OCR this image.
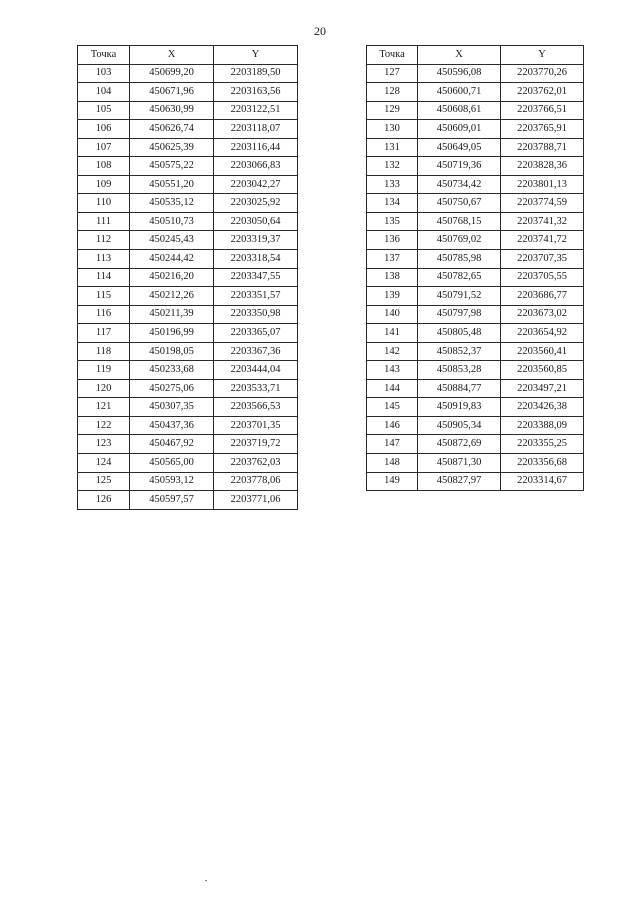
20
Точка	X	Y
103	450699,20	2203189,50
104	450671,96	2203163,56
105	450630,99	2203122,51
106	450626,74	2203118,07
107	450625,39	2203116,44
108	450575,22	2203066,83
109	450551,20	2203042,27
110	450535,12	2203025,92
111	450510,73	2203050,64
112	450245,43	2203319,37
113	450244,42	2203318,54
114	450216,20	2203347,55
115	450212,26	2203351,57
116	450211,39	2203350,98
117	450196,99	2203365,07
118	450198,05	2203367,36
119	450233,68	2203444,04
120	450275,06	2203533,71
121	450307,35	2203566,53
122	450437,36	2203701,35
123	450467,92	2203719,72
124	450565,00	2203762,03
125	450593,12	2203778,06
126	450597,57	2203771,06
Точка	X	Y
127	450596,08	2203770,26
128	450600,71	2203762,01
129	450608,61	2203766,51
130	450609,01	2203765,91
131	450649,05	2203788,71
132	450719,36	2203828,36
133	450734,42	2203801,13
134	450750,67	2203774,59
135	450768,15	2203741,32
136	450769,02	2203741,72
137	450785,98	2203707,35
138	450782,65	2203705,55
139	450791,52	2203686,77
140	450797,98	2203673,02
141	450805,48	2203654,92
142	450852,37	2203560,41
143	450853,28	2203560,85
144	450884,77	2203497,21
145	450919,83	2203426,38
146	450905,34	2203388,09
147	450872,69	2203355,25
148	450871,30	2203356,68
149	450827,97	2203314,67
